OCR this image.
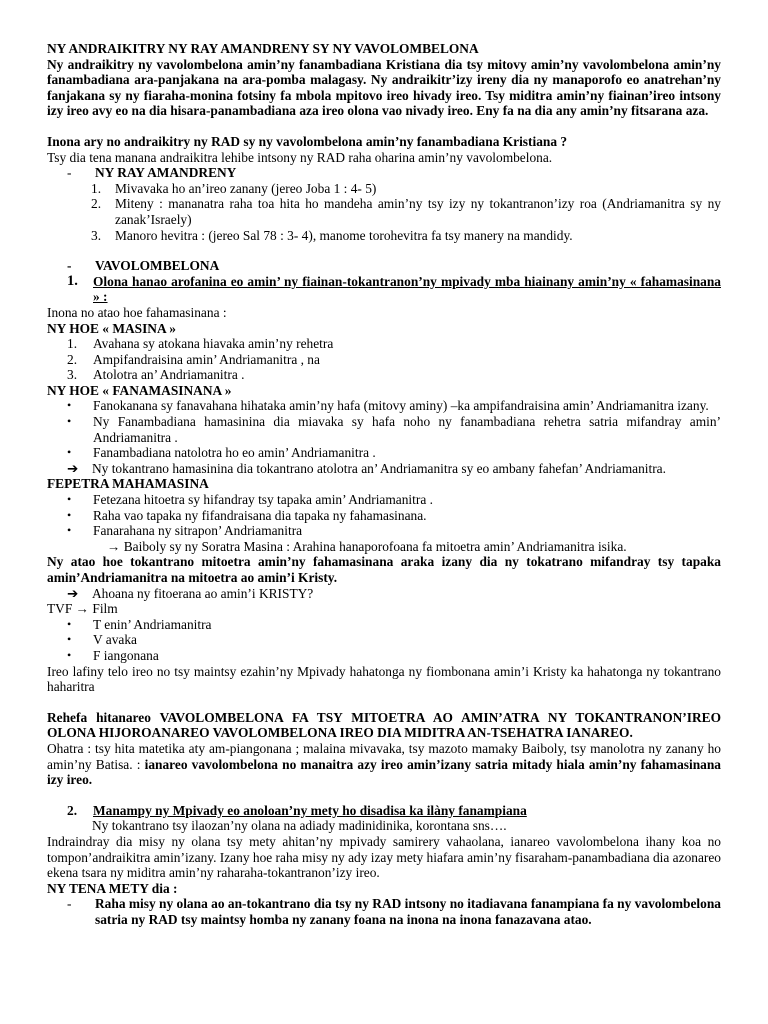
NY ANDRAIKITRY NY RAY AMANDRENY SY NY VAVOLOMBELONA

Ny andraikitry ny vavolombelona amin’ny fanambadiana Kristiana dia tsy mitovy amin’ny vavolombelona amin’ny fanambadiana ara-panjakana na ara-pomba malagasy. Ny andraikitr’izy ireny dia ny manaporofo eo anatrehan’ny fanjakana sy ny fiaraha-monina fotsiny fa mbola mpitovo ireo hivady ireo. Tsy miditra amin’ny fiainan’ireo intsony izy ireo avy eo na dia hisara-panambadiana aza ireo olona vao nivady ireo. Eny fa na dia any amin’ny fitsarana aza.

Inona ary no andraikitry ny RAD sy ny vavolombelona amin’ny fanambadiana Kristiana ?

Tsy dia tena manana andraikitra lehibe intsony ny RAD raha oharina amin’ny vavolombelona.

-	NY RAY AMANDRENY
1.	Mivavaka ho an’ireo zanany (jereo Joba 1 : 4- 5)
2.	Miteny : mananatra raha toa hita ho mandeha amin’ny tsy izy ny tokantranon’izy roa (Andriamanitra sy ny zanak’Israely)
3.	Manoro hevitra : (jereo Sal 78 : 3- 4), manome torohevitra fa tsy manery na mandidy.
-	VAVOLOMBELONA
1.	Olona hanao arofanina eo amin’ ny fiainan-tokantranon’ny mpivady mba hiainany amin’ny « fahamasinana » :

Inona no atao hoe fahamasinana :

NY HOE « MASINA »

1.	Avahana sy atokana hiavaka amin’ny rehetra
2.	Ampifandraisina amin’ Andriamanitra , na
3.	Atolotra an’ Andriamanitra .

NY HOE « FANAMASINANA »

•	Fanokanana sy fanavahana hihataka amin’ny hafa (mitovy aminy) –ka ampifandraisina amin’ Andriamanitra izany.
•	Ny Fanambadiana hamasinina dia miavaka sy hafa noho ny fanambadiana rehetra satria mifandray amin’ Andriamanitra .
•	Fanambadiana natolotra ho eo amin’ Andriamanitra .
➔	Ny tokantrano hamasinina dia tokantrano atolotra an’ Andriamanitra sy eo ambany fahefan’ Andriamanitra.

FEPETRA MAHAMASINA

•	Fetezana hitoetra sy hifandray tsy tapaka amin’ Andriamanitra .
•	Raha vao tapaka ny fifandraisana dia tapaka ny fahamasinana.
•	Fanarahana ny sitrapon’ Andriamanitra

→ Baiboly sy ny Soratra Masina : Arahina hanaporofoana fa mitoetra amin’ Andriamanitra isika.

Ny atao hoe tokantrano mitoetra amin’ny fahamasinana araka izany dia ny tokatrano mifandray tsy tapaka amin’Andriamanitra na mitoetra ao amin’i Kristy.

➔	Ahoana ny fitoerana ao amin’i KRISTY?

TVF → Film

•	T enin’ Andriamanitra
•	V avaka
•	F iangonana

Ireo lafiny telo ireo no tsy maintsy ezahin’ny Mpivady hahatonga ny fiombonana amin’i Kristy ka hahatonga ny tokantrano haharitra

Rehefa hitanareo VAVOLOMBELONA FA TSY MITOETRA AO AMIN’ATRA NY TOKANTRANON’IREO OLONA HIJOROANAREO VAVOLOMBELONA IREO DIA MIDITRA AN-TSEHATRA IANAREO.

Ohatra : tsy hita matetika aty am-piangonana ; malaina mivavaka, tsy mazoto mamaky Baiboly, tsy manolotra ny zanany ho amin’ny Batisa. : ianareo vavolombelona no manaitra azy ireo amin’izany satria mitady hiala amin’ny fahamasinana izy ireo.

2.	Manampy ny Mpivady eo anoloan’ny mety ho disadisa ka ilàny fanampiana

Ny tokantrano tsy ilaozan’ny olana na adiady madinidinika, korontana sns….

Indraindray dia misy ny olana tsy mety ahitan’ny mpivady samirery vahaolana, ianareo vavolombelona ihany koa no tompon’andraikitra amin’izany. Izany hoe raha misy ny ady izay mety hiafara amin’ny fisaraham-panambadiana dia azonareo ekena tsara ny miditra amin’ny raharaha-tokantranon’izy ireo.

NY TENA METY dia :

-	Raha misy ny olana ao an-tokantrano dia tsy ny RAD intsony no itadiavana fanampiana fa ny vavolombelona satria ny RAD tsy maintsy homba ny zanany foana na inona na inona fanazavana atao.
